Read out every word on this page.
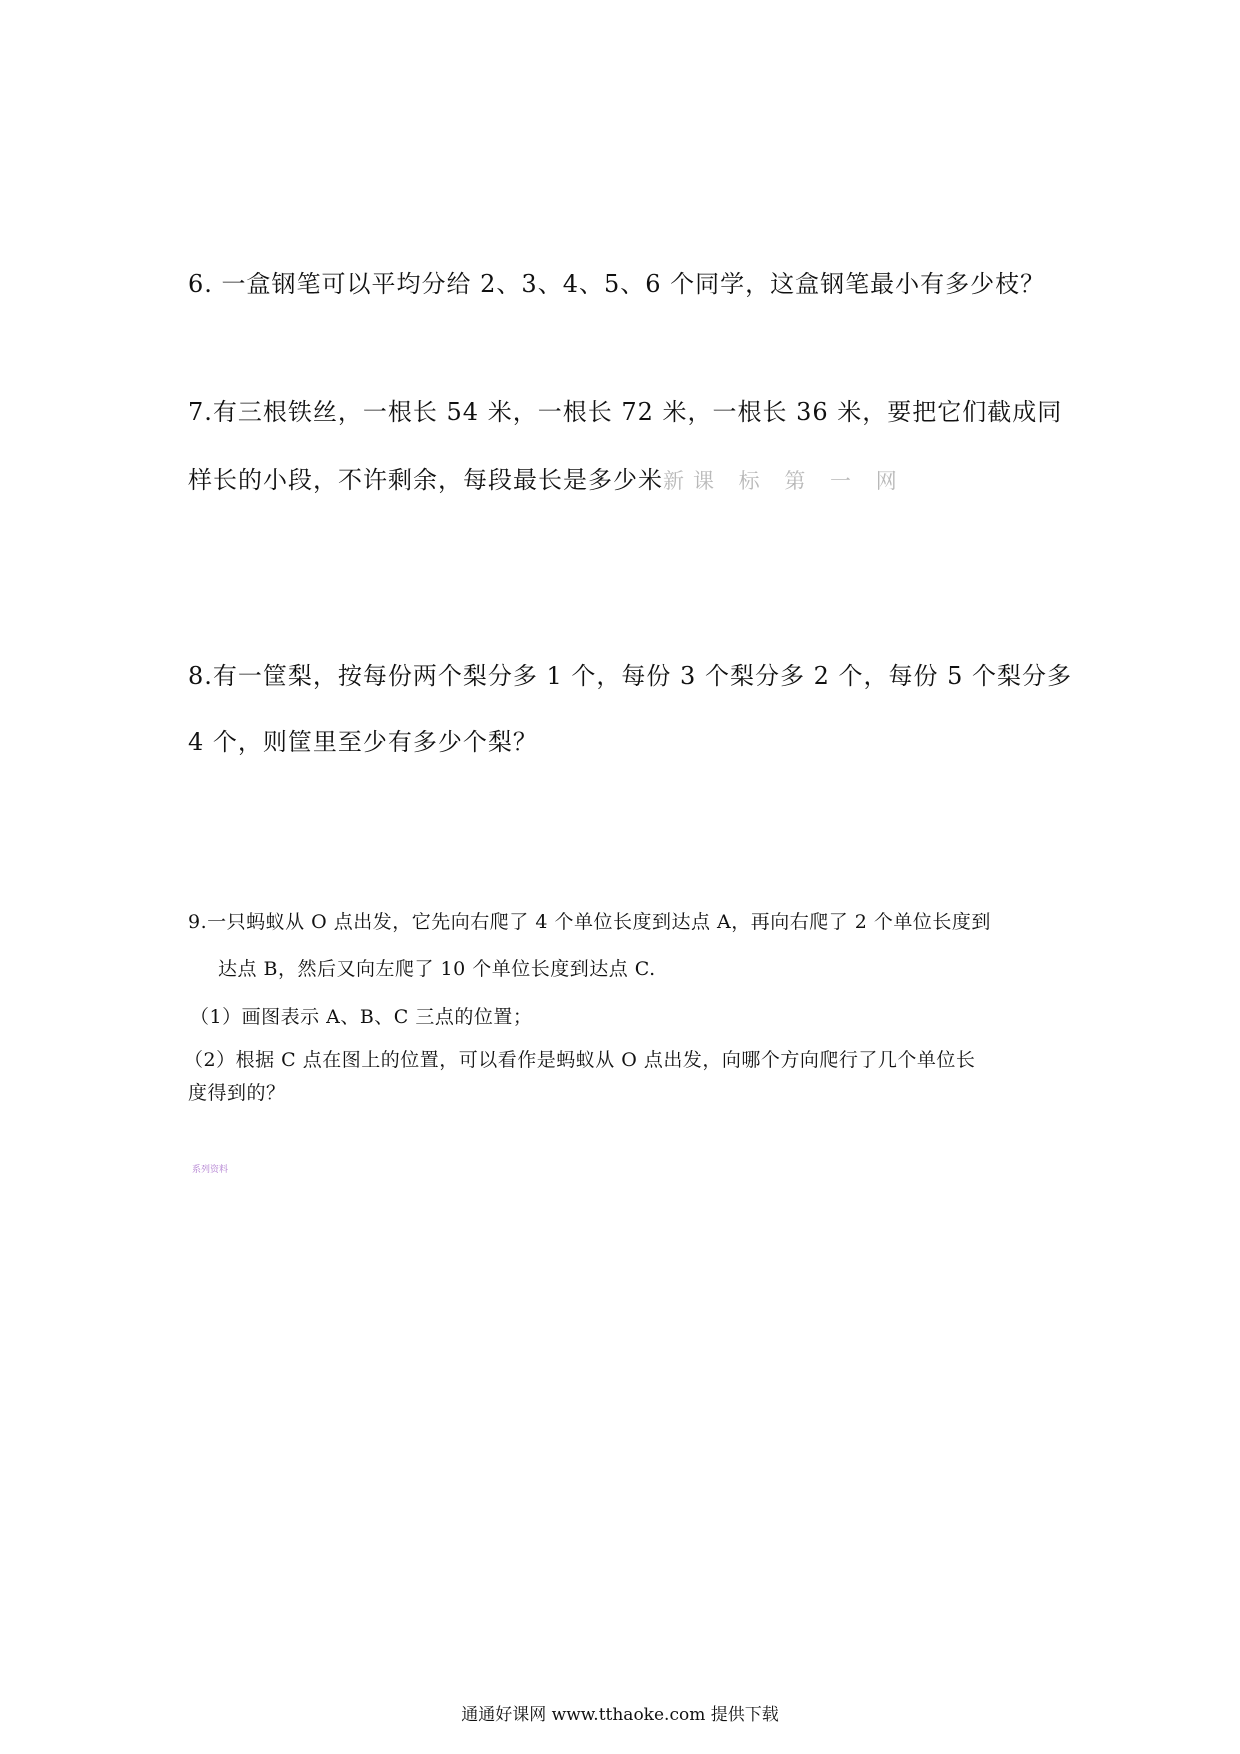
6. 一盒钢笔可以平均分给 2、3、4、5、6 个同学，这盒钢笔最小有多少枝？
7.有三根铁丝，一根长 54 米，一根长 72 米，一根长 36 米，要把它们截成同
样长的小段，不许剩余，每段最长是多少米新课 标 第 一 网
8.有一筐梨，按每份两个梨分多 1 个，每份 3 个梨分多 2 个，每份 5 个梨分多
4 个，则筐里至少有多少个梨？
9.一只蚂蚁从 O 点出发，它先向右爬了 4 个单位长度到达点 A，再向右爬了 2 个单位长度到
达点 B，然后又向左爬了 10 个单位长度到达点 C.
（1）画图表示 A、B、C 三点的位置；
（2）根据 C 点在图上的位置，可以看作是蚂蚁从 O 点出发，向哪个方向爬行了几个单位长
度得到的？
系列资料
通通好课网 www.tthaoke.com 提供下载
